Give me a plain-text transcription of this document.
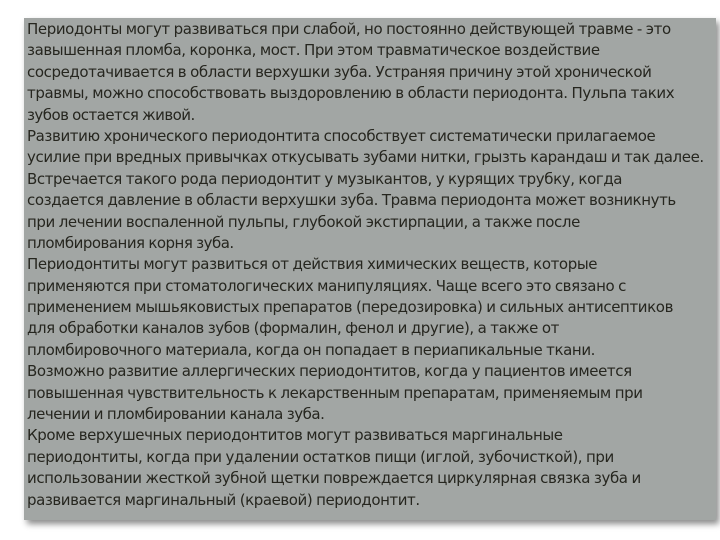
Периодонты могут развиваться при слабой, но постоянно действующей травме - это
завышенная пломба, коронка, мост. При этом травматическое воздействие
сосредотачивается в области верхушки зуба. Устраняя причину этой хронической
травмы, можно способствовать выздоровлению в области периодонта. Пульпа таких
зубов остается живой.
Развитию хронического периодонтита способствует систематически прилагаемое
усилие при вредных привычках откусывать зубами нитки, грызть карандаш и так далее.
Встречается такого рода периодонтит у музыкантов, у курящих трубку, когда
создается давление в области верхушки зуба. Травма периодонта может возникнуть
при лечении воспаленной пульпы, глубокой экстирпации, а также после
пломбирования корня зуба.
Периодонтиты могут развиться от действия химических веществ, которые
применяются при стоматологических манипуляциях. Чаще всего это связано с
применением мышьяковистых препаратов (передозировка) и сильных антисептиков
для обработки каналов зубов (формалин, фенол и другие), а также от
пломбировочного материала, когда он попадает в периапикальные ткани.
Возможно развитие аллергических периодонтитов, когда у пациентов имеется
повышенная чувствительность к лекарственным препаратам, применяемым при
лечении и пломбировании канала зуба.
Кроме верхушечных периодонтитов могут развиваться маргинальные
периодонтиты, когда при удалении остатков пищи (иглой, зубочисткой), при
использовании жесткой зубной щетки повреждается циркулярная связка зуба и
развивается маргинальный (краевой) периодонтит.
